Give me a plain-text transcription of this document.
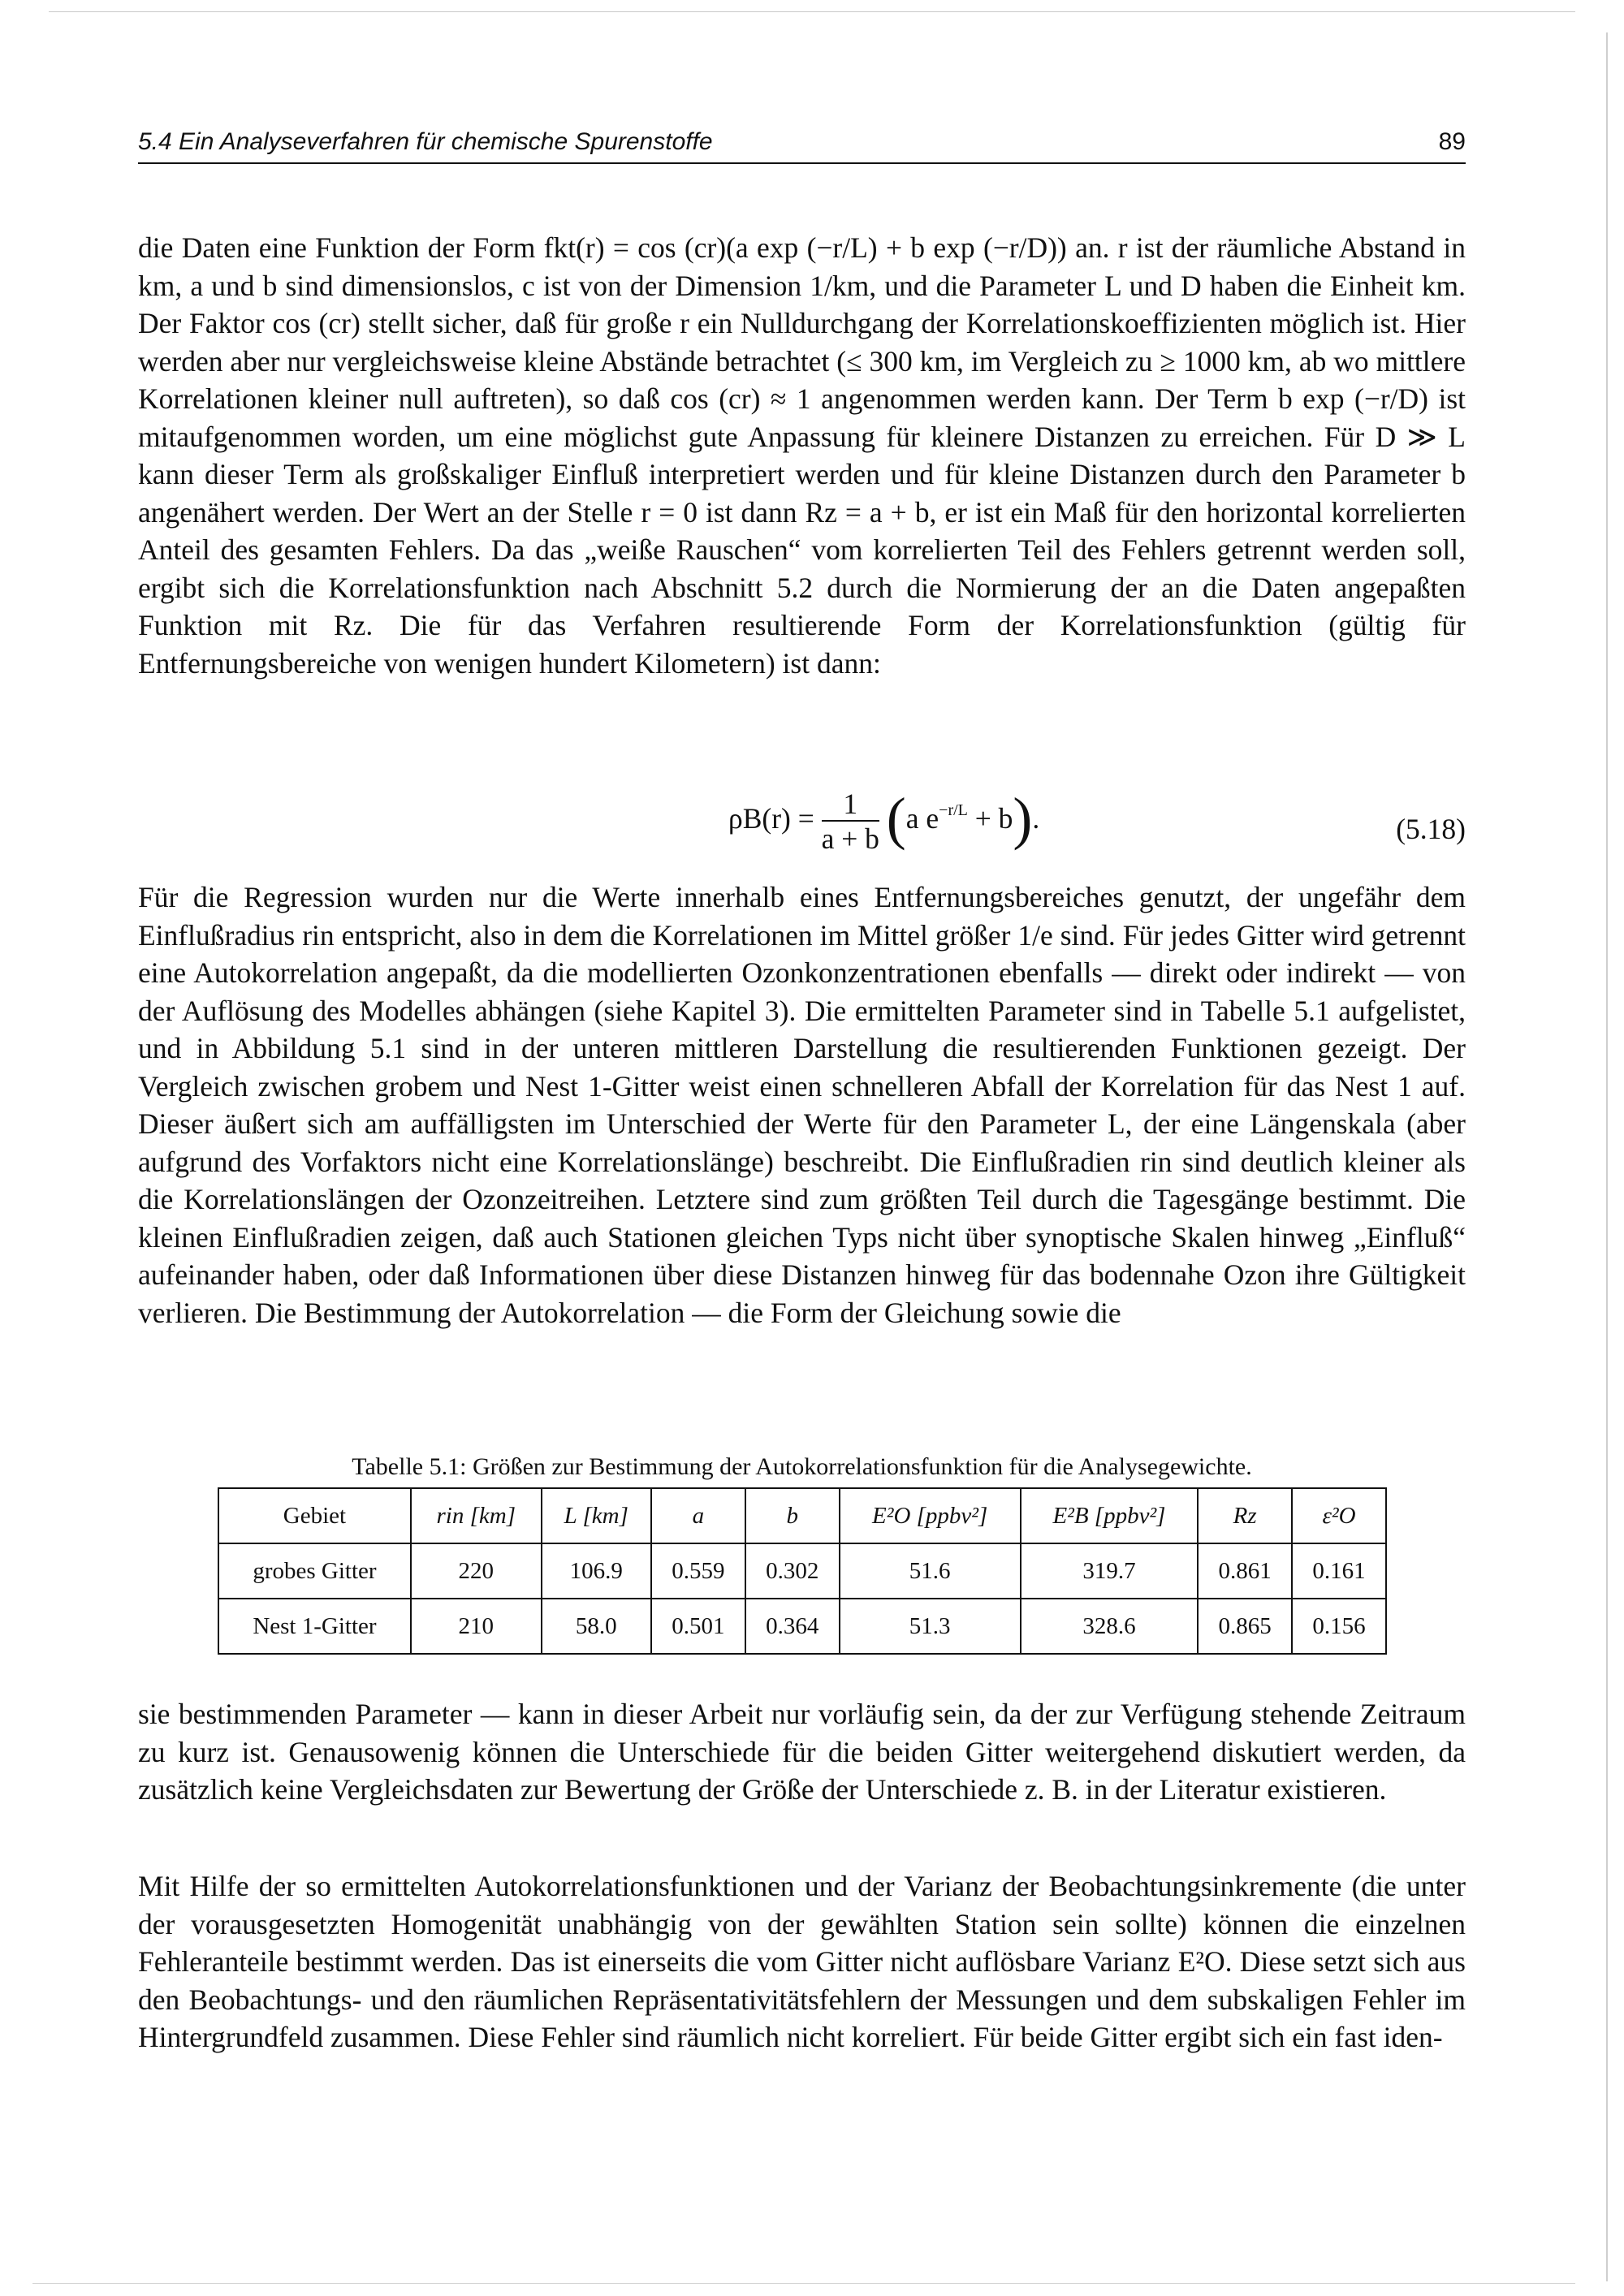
5.4 Ein Analyseverfahren für chemische Spurenstoffe	89

die Daten eine Funktion der Form fkt(r) = cos (cr)(a exp (−r/L) + b exp (−r/D)) an. r ist der räumliche Abstand in km, a und b sind dimensionslos, c ist von der Dimension 1/km, und die Parameter L und D haben die Einheit km. Der Faktor cos (cr) stellt sicher, daß für große r ein Nulldurchgang der Korrelationskoeffizienten möglich ist. Hier werden aber nur vergleichsweise kleine Abstände betrachtet (≤ 300 km, im Vergleich zu ≥ 1000 km, ab wo mittlere Korrelationen kleiner null auftreten), so daß cos (cr) ≈ 1 angenommen werden kann. Der Term b exp (−r/D) ist mitaufgenommen worden, um eine möglichst gute Anpassung für kleinere Distanzen zu erreichen. Für D ≫ L kann dieser Term als großskaliger Einfluß interpretiert werden und für kleine Distanzen durch den Parameter b angenähert werden. Der Wert an der Stelle r = 0 ist dann Rz = a + b, er ist ein Maß für den horizontal korrelierten Anteil des gesamten Fehlers. Da das „weiße Rauschen“ vom korrelierten Teil des Fehlers getrennt werden soll, ergibt sich die Korrelationsfunktion nach Abschnitt 5.2 durch die Normierung der an die Daten angepaßten Funktion mit Rz. Die für das Verfahren resultierende Form der Korrelationsfunktion (gültig für Entfernungsbereiche von wenigen hundert Kilometern) ist dann:

$\rho B(r) = \frac{1}{a + b} (a$ $e^{-r/L} + b$).	(5.18)

Für die Regression wurden nur die Werte innerhalb eines Entfernungsbereiches genutzt, der ungefähr dem Einflußradius rin entspricht, also in dem die Korrelationen im Mittel größer 1/e sind. Für jedes Gitter wird getrennt eine Autokorrelation angepaßt, da die modellierten Ozonkonzentrationen ebenfalls — direkt oder indirekt — von der Auflösung des Modelles abhängen (siehe Kapitel 3). Die ermittelten Parameter sind in Tabelle 5.1 aufgelistet, und in Abbildung 5.1 sind in der unteren mittleren Darstellung die resultierenden Funktionen gezeigt. Der Vergleich zwischen grobem und Nest 1-Gitter weist einen schnelleren Abfall der Korrelation für das Nest 1 auf. Dieser äußert sich am auffälligsten im Unterschied der Werte für den Parameter L, der eine Längenskala (aber aufgrund des Vorfaktors nicht eine Korrelationslänge) beschreibt. Die Einflußradien rin sind deutlich kleiner als die Korrelationslängen der Ozonzeitreihen. Letztere sind zum größten Teil durch die Tagesgänge bestimmt. Die kleinen Einflußradien zeigen, daß auch Stationen gleichen Typs nicht über synoptische Skalen hinweg „Einfluß“ aufeinander haben, oder daß Informationen über diese Distanzen hinweg für das bodennahe Ozon ihre Gültigkeit verlieren. Die Bestimmung der Autokorrelation — die Form der Gleichung sowie die

Tabelle 5.1: Größen zur Bestimmung der Autokorrelationsfunktion für die Analysegewichte.
Gebiet	rin [km]	L [km]	a	b	E²O [ppbv²]	E²B [ppbv²]	Rz	ε²O
grobes Gitter	220	106.9	0.559	0.302	51.6	319.7	0.861	0.161
Nest 1-Gitter	210	58.0	0.501	0.364	51.3	328.6	0.865	0.156

sie bestimmenden Parameter — kann in dieser Arbeit nur vorläufig sein, da der zur Verfügung stehende Zeitraum zu kurz ist. Genausowenig können die Unterschiede für die beiden Gitter weitergehend diskutiert werden, da zusätzlich keine Vergleichsdaten zur Bewertung der Größe der Unterschiede z. B. in der Literatur existieren.

Mit Hilfe der so ermittelten Autokorrelationsfunktionen und der Varianz der Beobachtungsinkremente (die unter der vorausgesetzten Homogenität unabhängig von der gewählten Station sein sollte) können die einzelnen Fehleranteile bestimmt werden. Das ist einerseits die vom Gitter nicht auflösbare Varianz E²O. Diese setzt sich aus den Beobachtungs- und den räumlichen Repräsentativitätsfehlern der Messungen und dem subskaligen Fehler im Hintergrundfeld zusammen. Diese Fehler sind räumlich nicht korreliert. Für beide Gitter ergibt sich ein fast iden-
